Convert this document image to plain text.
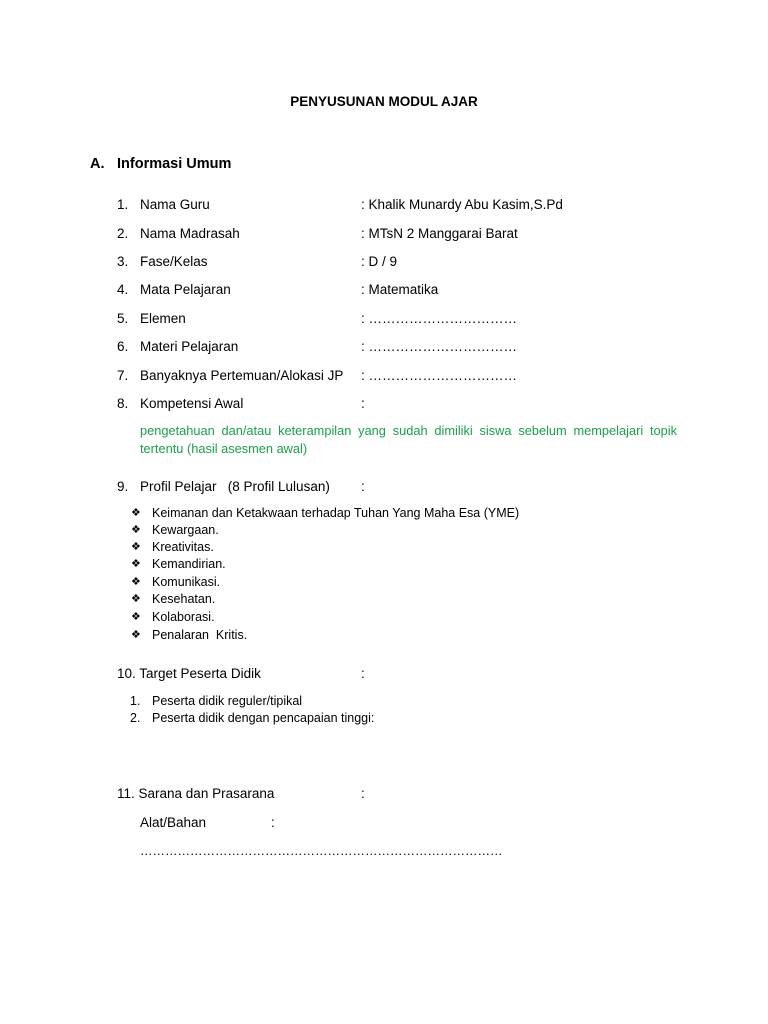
PENYUSUNAN MODUL AJAR
A. Informasi Umum
1. Nama Guru	: Khalik Munardy Abu Kasim,S.Pd
2. Nama Madrasah	: MTsN 2 Manggarai Barat
3. Fase/Kelas	: D / 9
4. Mata Pelajaran	: Matematika
5. Elemen	: ……………………………
6. Materi Pelajaran	: ……………………………
7. Banyaknya Pertemuan/Alokasi JP : ……………………………
8. Kompetensi Awal	:
pengetahuan dan/atau keterampilan yang sudah dimiliki siswa sebelum mempelajari topik tertentu (hasil asesmen awal)
9. Profil Pelajar   (8 Profil Lulusan) :
❖ Keimanan dan Ketakwaan terhadap Tuhan Yang Maha Esa (YME)
❖ Kewargaan.
❖ Kreativitas.
❖ Kemandirian.
❖ Komunikasi.
❖ Kesehatan.
❖ Kolaborasi.
❖ Penalaran  Kritis.
10. Target Peserta Didik	:
1. Peserta didik reguler/tipikal
2. Peserta didik dengan pencapaian tinggi:
11. Sarana dan Prasarana	:
Alat/Bahan	:
……………………………………………………………………………
